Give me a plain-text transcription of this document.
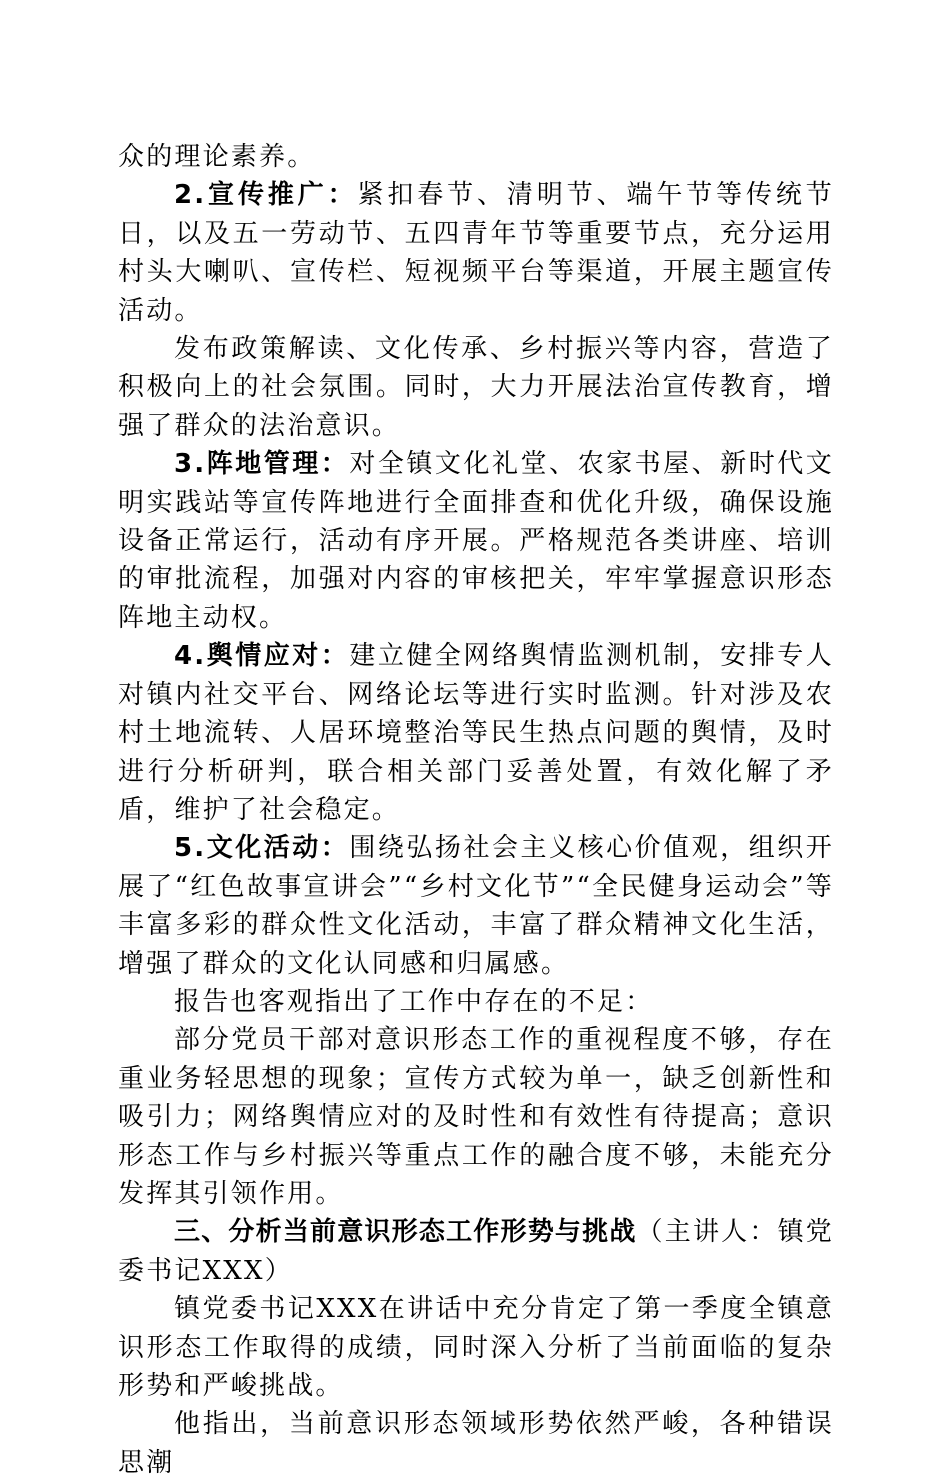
众的理论素养。

2.宣传推广：紧扣春节、清明节、端午节等传统节日，以及五一劳动节、五四青年节等重要节点，充分运用村头大喇叭、宣传栏、短视频平台等渠道，开展主题宣传活动。

发布政策解读、文化传承、乡村振兴等内容，营造了积极向上的社会氛围。同时，大力开展法治宣传教育，增强了群众的法治意识。

3.阵地管理：对全镇文化礼堂、农家书屋、新时代文明实践站等宣传阵地进行全面排查和优化升级，确保设施设备正常运行，活动有序开展。严格规范各类讲座、培训的审批流程，加强对内容的审核把关，牢牢掌握意识形态阵地主动权。

4.舆情应对：建立健全网络舆情监测机制，安排专人对镇内社交平台、网络论坛等进行实时监测。针对涉及农村土地流转、人居环境整治等民生热点问题的舆情，及时进行分析研判，联合相关部门妥善处置，有效化解了矛盾，维护了社会稳定。

5.文化活动：围绕弘扬社会主义核心价值观，组织开展了“红色故事宣讲会”“乡村文化节”“全民健身运动会”等丰富多彩的群众性文化活动，丰富了群众精神文化生活，增强了群众的文化认同感和归属感。

报告也客观指出了工作中存在的不足：

部分党员干部对意识形态工作的重视程度不够，存在重业务轻思想的现象；宣传方式较为单一，缺乏创新性和吸引力；网络舆情应对的及时性和有效性有待提高；意识形态工作与乡村振兴等重点工作的融合度不够，未能充分发挥其引领作用。

三、分析当前意识形态工作形势与挑战（主讲人：镇党委书记XXX）

镇党委书记XXX在讲话中充分肯定了第一季度全镇意识形态工作取得的成绩，同时深入分析了当前面临的复杂形势和严峻挑战。

他指出，当前意识形态领域形势依然严峻，各种错误思潮
